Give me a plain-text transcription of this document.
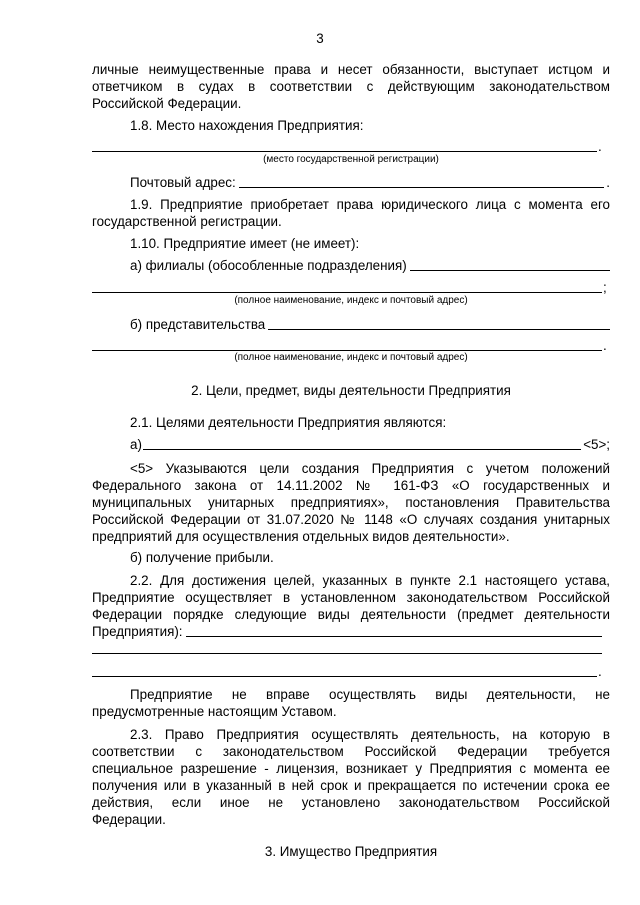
3
личные неимущественные права и несет обязанности, выступает истцом и
ответчиком в судах в соответствии с действующим законодательством
Российской Федерации.
1.8. Место нахождения Предприятия:
.
(место государственной регистрации)
Почтовый адрес:	.
1.9. Предприятие приобретает права юридического лица с момента его
государственной регистрации.
1.10. Предприятие имеет (не имеет):
а) филиалы (обособленные подразделения)
;
(полное наименование, индекс и почтовый адрес)
б) представительства
.
(полное наименование, индекс и почтовый адрес)
2. Цели, предмет, виды деятельности Предприятия
2.1. Целями деятельности Предприятия являются:
а)	<5>;
<5> Указываются цели создания Предприятия с учетом положений
Федерального закона от 14.11.2002 № 161-ФЗ «О государственных и
муниципальных унитарных предприятиях», постановления Правительства
Российской Федерации от 31.07.2020 № 1148 «О случаях создания унитарных
предприятий для осуществления отдельных видов деятельности».
б) получение прибыли.
2.2. Для достижения целей, указанных в пункте 2.1 настоящего устава,
Предприятие осуществляет в установленном законодательством Российской
Федерации порядке следующие виды деятельности (предмет деятельности
Предприятия):
.
Предприятие не вправе осуществлять виды деятельности, не
предусмотренные настоящим Уставом.
2.3. Право Предприятия осуществлять деятельность, на которую в
соответствии с законодательством Российской Федерации требуется
специальное разрешение - лицензия, возникает у Предприятия с момента ее
получения или в указанный в ней срок и прекращается по истечении срока ее
действия, если иное не установлено законодательством Российской
Федерации.
3. Имущество Предприятия
